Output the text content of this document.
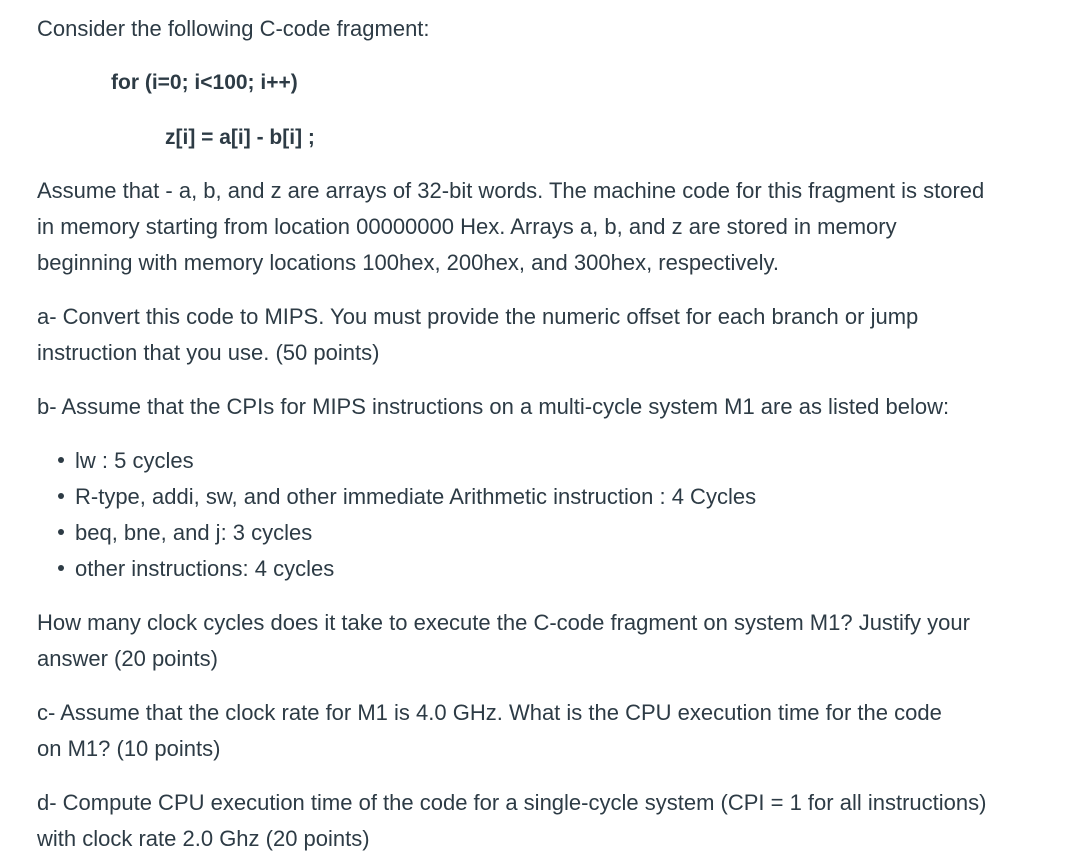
Consider the following C-code fragment:
for (i=0; i<100; i++)
z[i] = a[i] - b[i] ;
Assume that - a, b, and z are arrays of 32-bit words. The machine code for this fragment is stored
in memory starting from location 00000000 Hex. Arrays a, b, and z are stored in memory
beginning with memory locations 100hex, 200hex, and 300hex, respectively.
a- Convert this code to MIPS. You must provide the numeric offset for each branch or jump
instruction that you use. (50 points)
b- Assume that the CPIs for MIPS instructions on a multi-cycle system M1 are as listed below:
lw : 5 cycles
R-type, addi, sw, and other immediate Arithmetic instruction : 4 Cycles
beq, bne, and j: 3 cycles
other instructions: 4 cycles
How many clock cycles does it take to execute the C-code fragment on system M1? Justify your
answer (20 points)
c- Assume that the clock rate for M1 is 4.0 GHz. What is the CPU execution time for the code
on M1? (10 points)
d- Compute CPU execution time of the code for a single-cycle system (CPI = 1 for all instructions)
with clock rate 2.0 Ghz (20 points)
